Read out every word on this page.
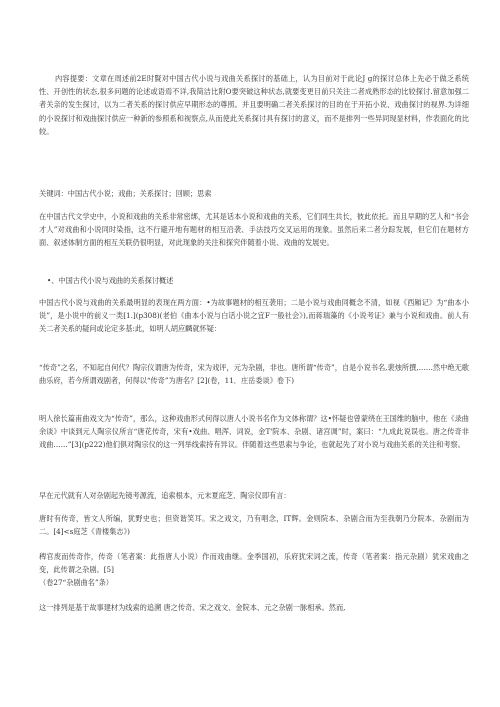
内容提要：文章在周述前2E时賢对中国古代小说与戏曲关系探讨的基础上，认为目前对于此论J g的探讨总体上先必于做乏系统性、开创性的状态,很多问题的论述或语焉不详,我简洁比附O要突破这种状态,就要变更目前只关注二者成熟形态的比较探讨.留意加强二者关亲的发生探讨，以为二者关系的探讨供应早期形态的尊照。并且要明确二者关系探讨的目的在于开拓小说、戏曲探讨的视界.为详细的小说探讨和戏曲探讨供应一种新的参照系和视察点,从而使此关系探讨具有探讨的意义，而不是排列一些异同现显材料，作表面化的比较。

关键词：中国古代小说；戏曲；关系探讨；回顾；思索

在中国古代文学史中，小说和戏曲的关系非常密绑，尤其是话本小说和戏曲的关系，它们同生共长，彼此依托。而且早期的艺人和“书会才人”对戏曲和小说同时染指，这不行避开地有题材的相互沿袭、手法技巧交叉运用的现象。虽然后来二者分踪发展，但它们在题材方面、叙述体制方面的相互关联仍很明显，对此现象的关注和探究伴随着小说、戏曲的发展史。

•、中国古代小说与戏曲的关系探讨概述

中国古代小说与戏曲的关系最明显的表现在两方面：•为故事题材的相互袭用；二是小说与戏曲同概念不清，如视《西厢记》为“曲本小说”，是小说中的前义一类[1.](p308)(老伯《曲本小说与白话小说之宜F一般社会》),而蒋瑞藻的《小说考证》兼与小说和戏曲。前人有关二者关系的疑问或论定多基:此，如明人胡应麟就怀疑：

“传奇”之名，不知起自何代？陶宗仪谓唐为传奇，宋为戏评，元为杂剧，非也。唐所谓“传奇”，自是小说书名,裴烛所撰,……然中绝无歌曲乐府，若今所谓戏剧者，何得以“传奇”为唐名？[2](卷，11．庄岳委谈》卷下)

明人徐长篇甫曲戏文为“传奇”，那么，这种戏曲形式何得以唐人小说书名作为文体称谓？这•怀疑也曾蒙绕在王国维的脑中，他在《录曲余谈》中谈到元人陶宗仪所言“唐花传奇，宋有•戏曲、唱浑、词说，金T'院本、杂剧、诸宫调”时，案曰：“九成此说误也。唐之传奇非戏曲……”[3](p222)他们俱对陶宗仪的这一列举线索持有异议。伴随着这些思索与争论，也就起先了对小说与戏曲关系的关注和考察。

早在元代就有人对杂剧起先镜考源流，追索根本，元末夏庭芝、陶宗仪即有言：

唐时有传奇，皆文人所编，犹野史也；但资谐笑耳。宋之戏文，乃有唱念，IT辉。金则院本、杂剧合而为至我朝乃分院本、杂剧而为二。[4]<s庭芝《青楼集志》)

稗官废而传奇作，传奇（笔者案：此指唐人小说）作而戏曲继。金季国初，乐府犹宋词之流，传奇（笔者案：指元杂剧）犹宋戏曲之变，此传谓之杂剧。[5]

（卷27“杂剧曲名”条）

这一排列是基于故事建材为线索的追溯 唐之传奇、宋之戏文、金院本、元之杂剧一脉相承。然而,
